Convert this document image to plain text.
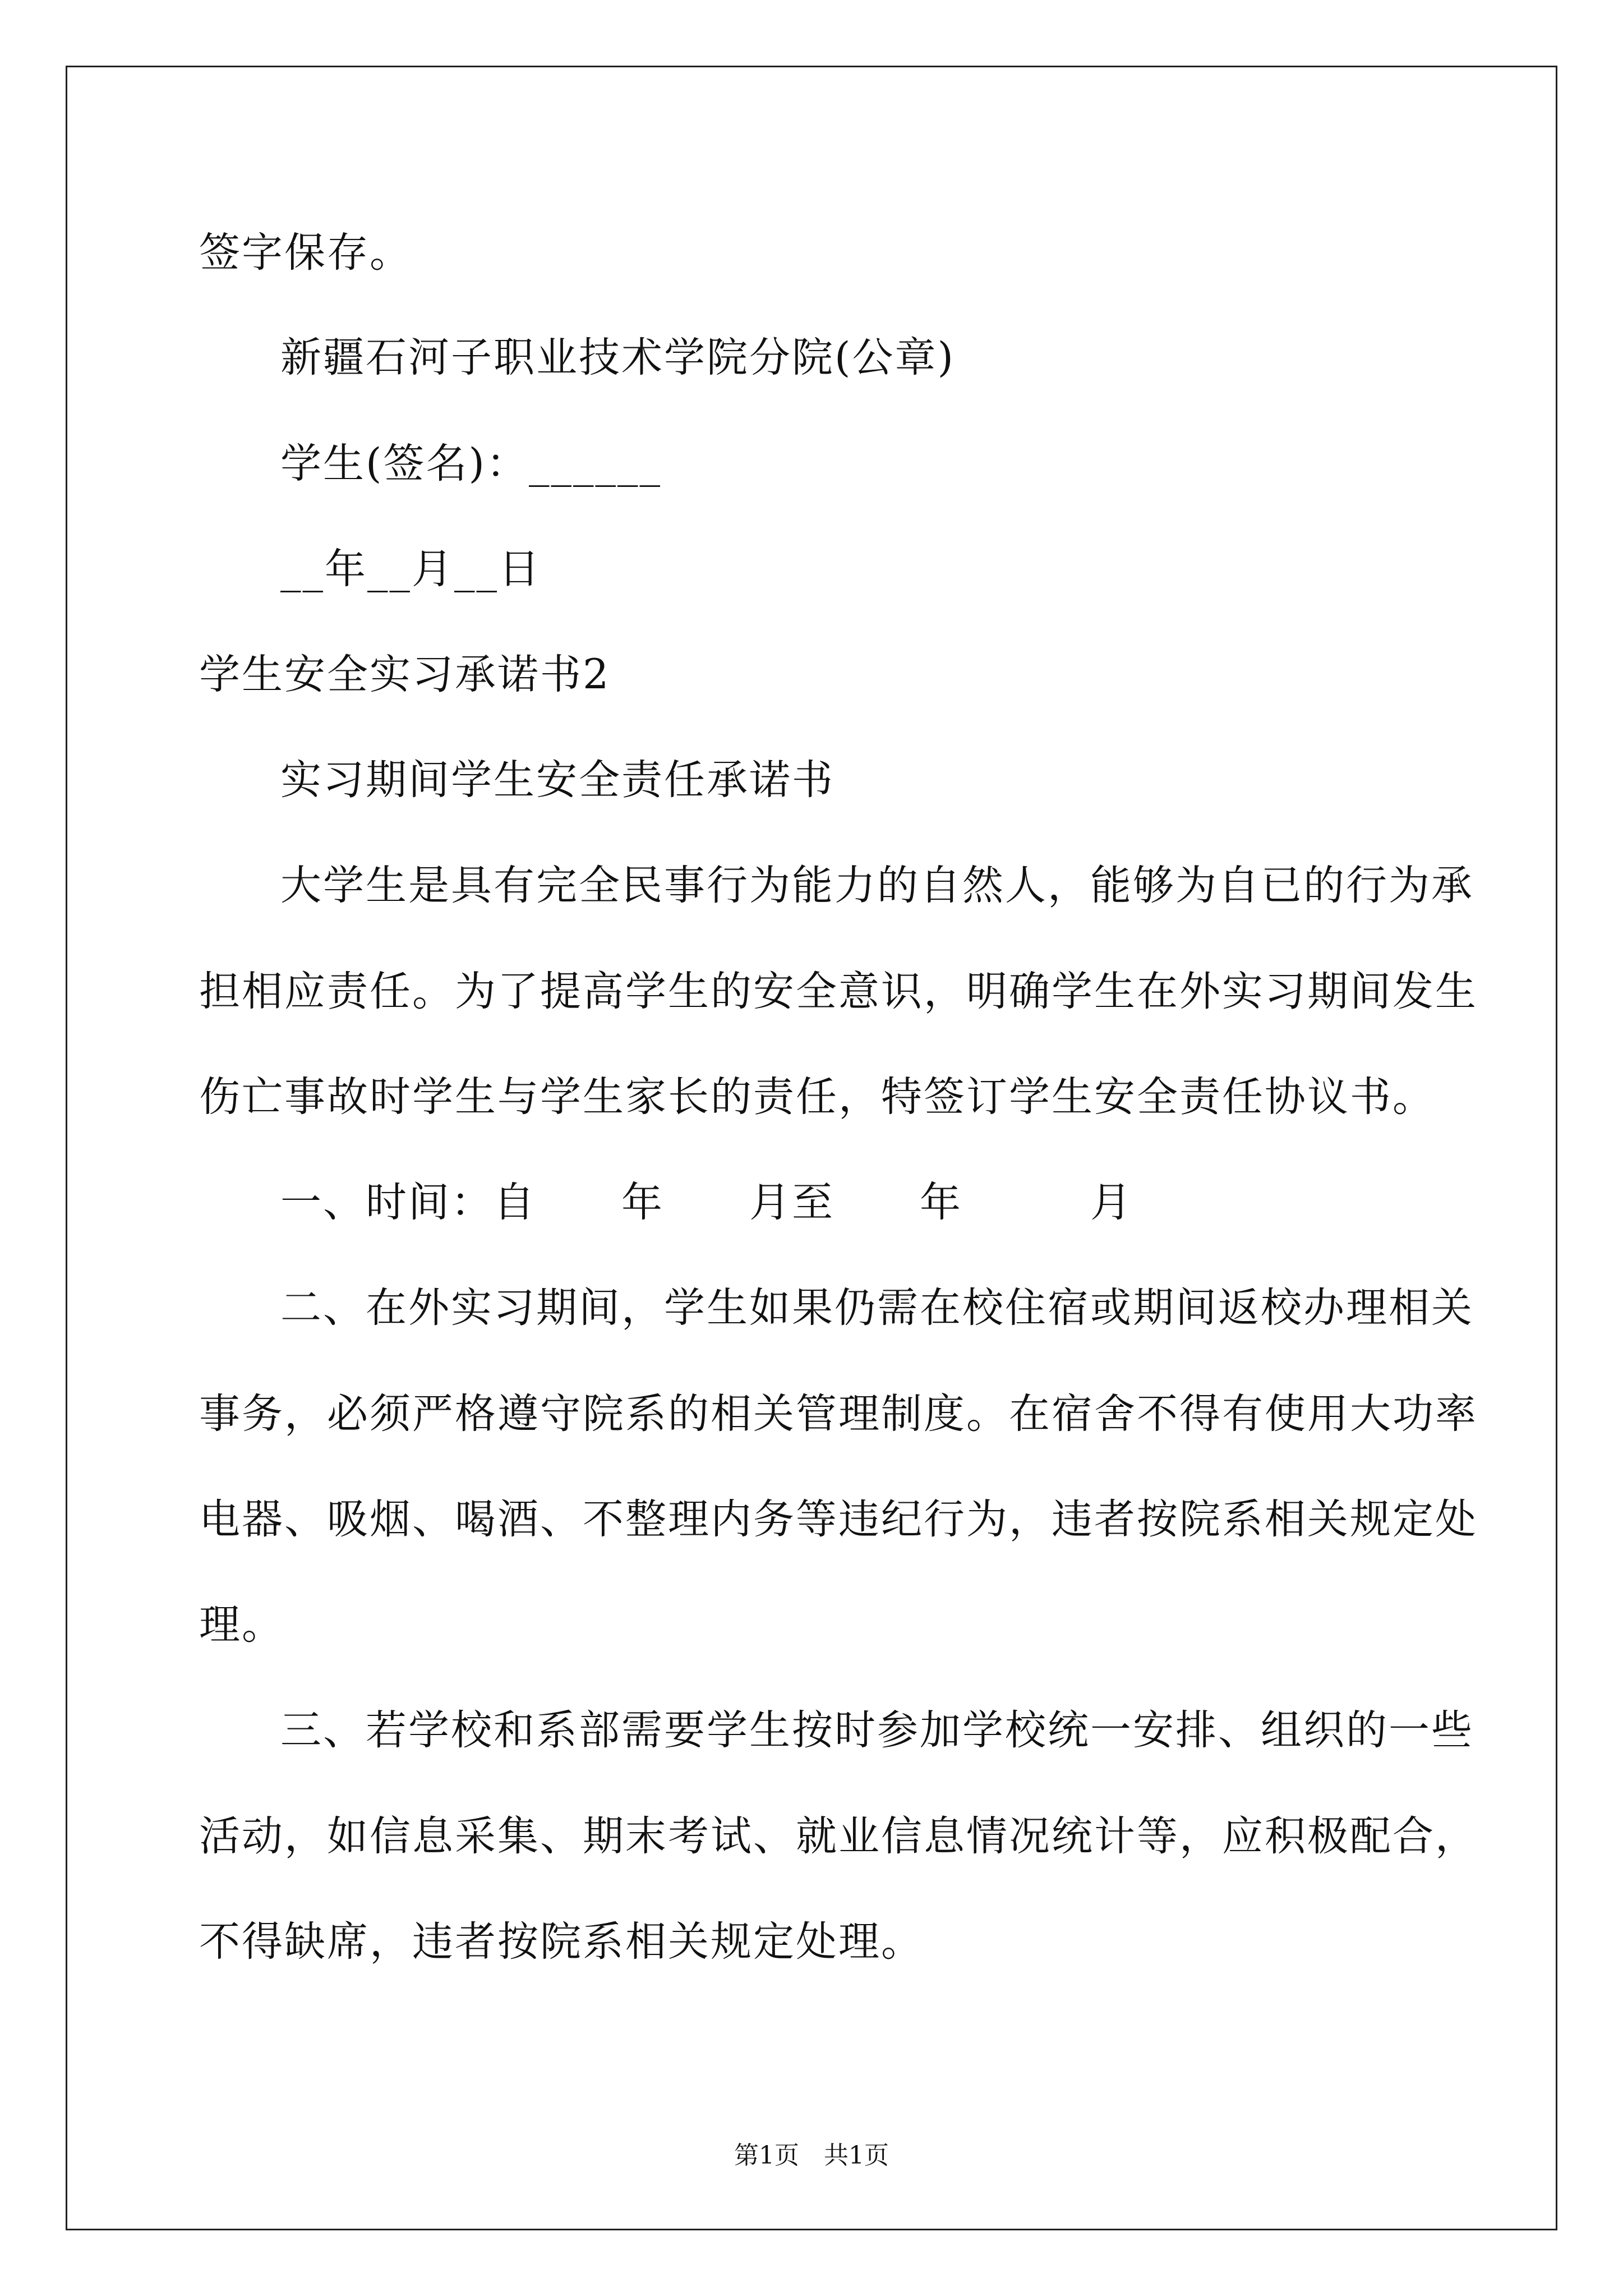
签字保存。
新疆石河子职业技术学院分院(公章)
学生(签名)：______
__年__月__日
学生安全实习承诺书2
实习期间学生安全责任承诺书
大学生是具有完全民事行为能力的自然人，能够为自已的行为承
担相应责任。为了提高学生的安全意识，明确学生在外实习期间发生
伤亡事故时学生与学生家长的责任，特签订学生安全责任协议书。
一、时间：自　　年　　月至　　年　　　月
二、在外实习期间，学生如果仍需在校住宿或期间返校办理相关
事务，必须严格遵守院系的相关管理制度。在宿舍不得有使用大功率
电器、吸烟、喝酒、不整理内务等违纪行为，违者按院系相关规定处
理。
三、若学校和系部需要学生按时参加学校统一安排、组织的一些
活动，如信息采集、期末考试、就业信息情况统计等，应积极配合，
不得缺席，违者按院系相关规定处理。
第1页　共1页
